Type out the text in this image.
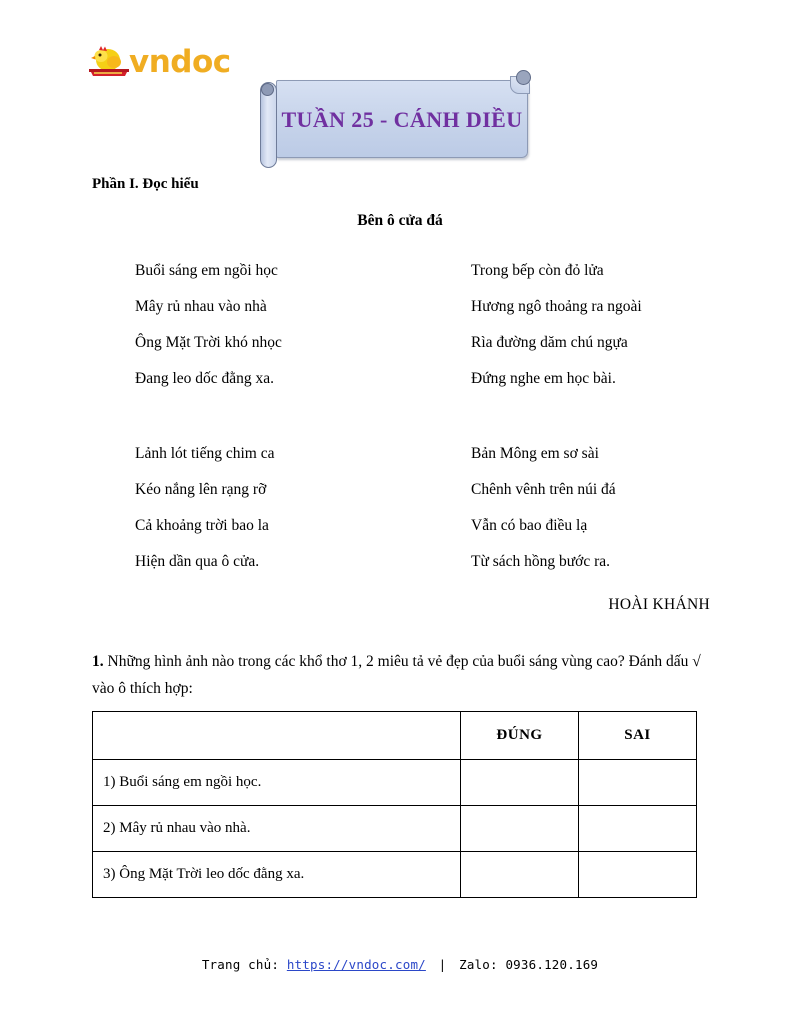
vndoc
TUẦN 25 - CÁNH DIỀU
Phần I. Đọc hiểu
Bên ô cửa đá
Buổi sáng em ngồi học	Trong bếp còn đỏ lửa
Mây rủ nhau vào nhà	Hương ngô thoảng ra ngoài
Ông Mặt Trời khó nhọc	Rìa đường dăm chú ngựa
Đang leo dốc đằng xa.	Đứng nghe em học bài.
Lảnh lót tiếng chim ca	Bản Mông em sơ sài
Kéo nắng lên rạng rỡ	Chênh vênh trên núi đá
Cả khoảng trời bao la	Vẫn có bao điều lạ
Hiện dần qua ô cửa.	Từ sách hồng bước ra.
HOÀI KHÁNH
1. Những hình ảnh nào trong các khổ thơ 1, 2 miêu tả vẻ đẹp của buổi sáng vùng cao? Đánh dấu √ vào ô thích hợp:
	ĐÚNG	SAI
1) Buổi sáng em ngồi học.		
2) Mây rủ nhau vào nhà.		
3) Ông Mặt Trời leo dốc đằng xa.		
Trang chủ: https://vndoc.com/ | Zalo: 0936.120.169
